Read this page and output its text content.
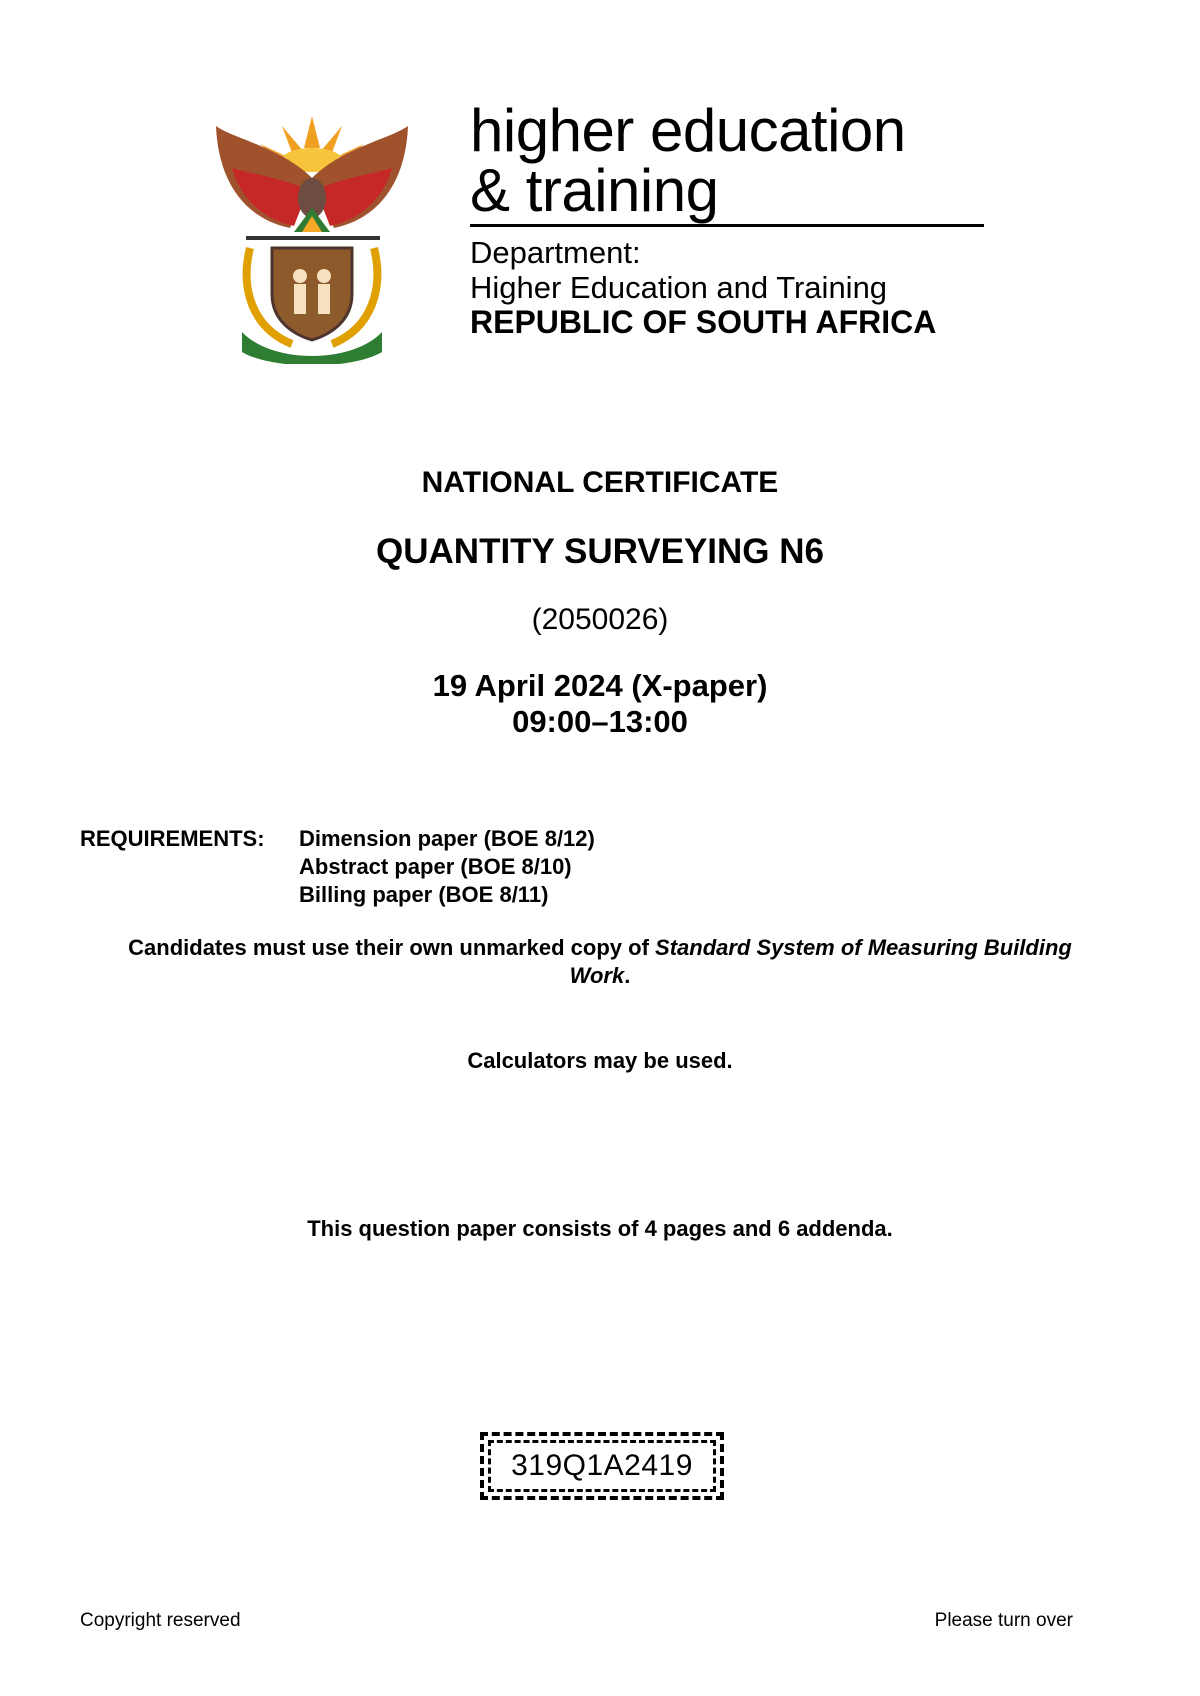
higher education
& training
Department:
Higher Education and Training
REPUBLIC OF SOUTH AFRICA
NATIONAL CERTIFICATE
QUANTITY SURVEYING N6
(2050026)
19 April 2024 (X-paper)
09:00–13:00
REQUIREMENTS: Dimension paper (BOE 8/12)
Abstract paper (BOE 8/10)
Billing paper (BOE 8/11)
Candidates must use their own unmarked copy of Standard System of Measuring Building Work.
Calculators may be used.
This question paper consists of 4 pages and 6 addenda.
319Q1A2419
Copyright reserved	Please turn over
